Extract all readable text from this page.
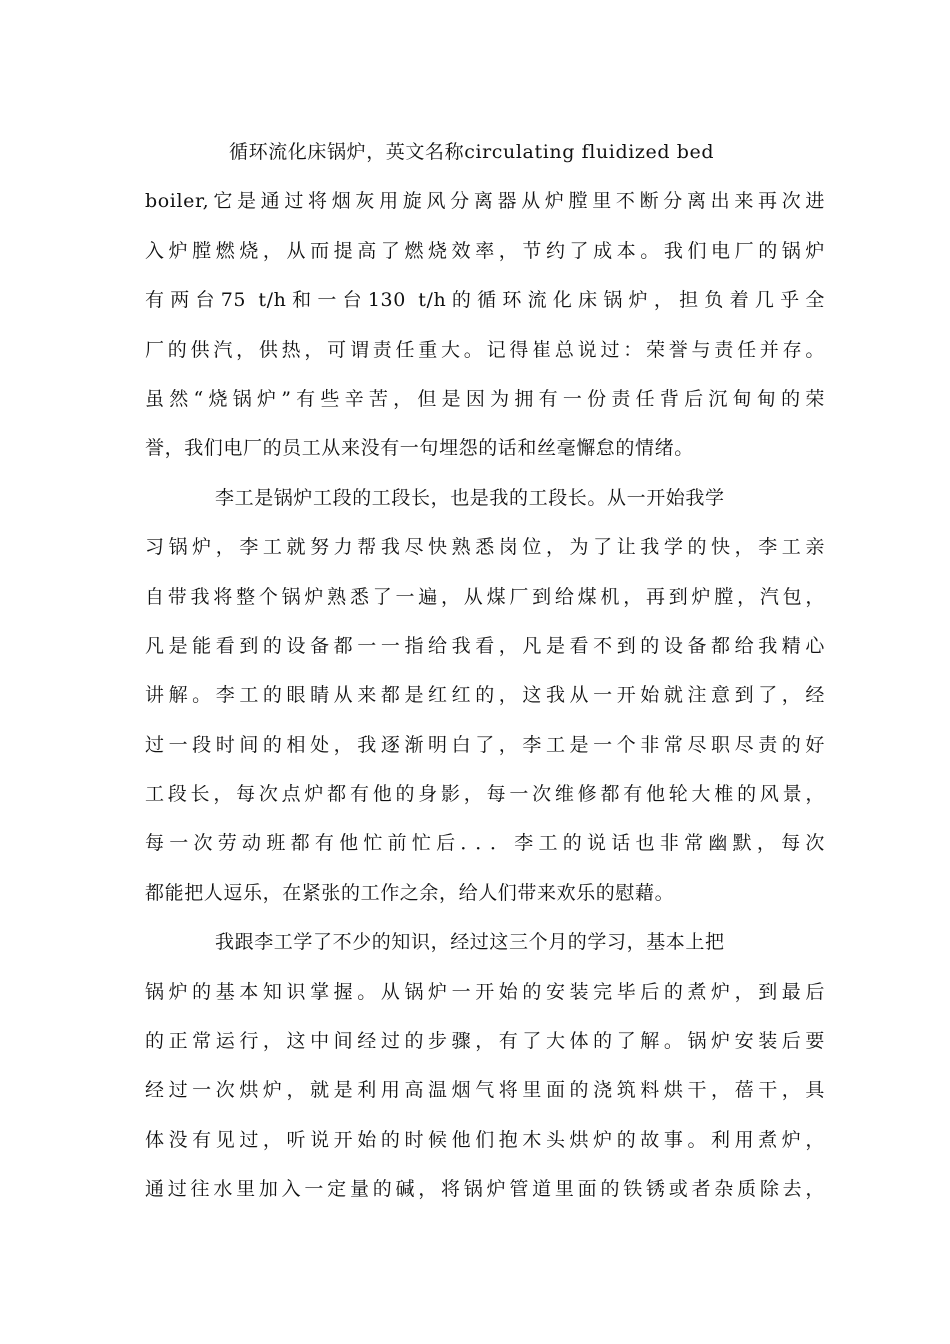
循环流化床锅炉，英文名称circulating fluidized bed
boiler,它是通过将烟灰用旋风分离器从炉膛里不断分离出来再次进
入炉膛燃烧，从而提高了燃烧效率，节约了成本。我们电厂的锅炉
有两台75 t/h和一台130 t/h的循环流化床锅炉，担负着几乎全
厂的供汽，供热，可谓责任重大。记得崔总说过：荣誉与责任并存。
虽然“烧锅炉”有些辛苦，但是因为拥有一份责任背后沉甸甸的荣
誉，我们电厂的员工从来没有一句埋怨的话和丝毫懈怠的情绪。
李工是锅炉工段的工段长，也是我的工段长。从一开始我学
习锅炉，李工就努力帮我尽快熟悉岗位，为了让我学的快，李工亲
自带我将整个锅炉熟悉了一遍，从煤厂到给煤机，再到炉膛，汽包，
凡是能看到的设备都一一指给我看，凡是看不到的设备都给我精心
讲解。李工的眼睛从来都是红红的，这我从一开始就注意到了，经
过一段时间的相处，我逐渐明白了，李工是一个非常尽职尽责的好
工段长，每次点炉都有他的身影，每一次维修都有他轮大椎的风景，
每一次劳动班都有他忙前忙后．．．李工的说话也非常幽默，每次
都能把人逗乐，在紧张的工作之余，给人们带来欢乐的慰藉。
我跟李工学了不少的知识，经过这三个月的学习，基本上把
锅炉的基本知识掌握。从锅炉一开始的安装完毕后的煮炉，到最后
的正常运行，这中间经过的步骤，有了大体的了解。锅炉安装后要
经过一次烘炉，就是利用高温烟气将里面的浇筑料烘干，蓓干，具
体没有见过，听说开始的时候他们抱木头烘炉的故事。利用煮炉，
通过往水里加入一定量的碱，将锅炉管道里面的铁锈或者杂质除去，
